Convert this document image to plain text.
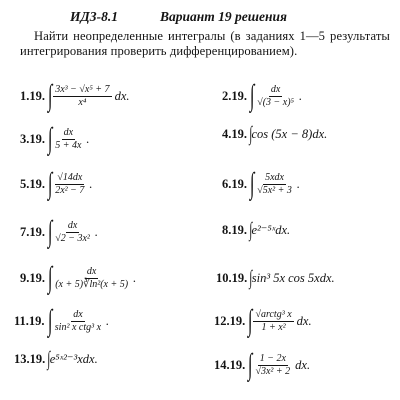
ИДЗ-8.1	Вариант 19 решения
Найти неопределенные интегралы (в заданиях 1—5 результаты интегрирования проверить дифференцированием).
1.19. ∫ $\frac{\text{3x³ − √x⁵ + 7}}{\text{x⁴}}$ dx.	2.19. ∫ $\frac{dx}{\text{√(3 − x)⁵}}$ .
3.19. ∫ $\frac{dx}{5 + 4x}$ .	4.19. ∫ cos (5x − 8)dx.
5.19. ∫ $\frac{√14dx}{\text{2x² − 7}}$ .	6.19. ∫ $\frac{\text{5xdx}}{\text{√5x² + 3}}$ .
7.19. ∫ $\frac{dx}{\text{√2 − 3x²}}$ .	8.19. ∫ e²⁻⁵ˣdx.
9.19. ∫ $\frac{dx}{\text{(x + 5)∛ln²(x + 5)}}$ .	10.19. ∫ sin³ 5x cos 5xdx.
11.19. ∫ $\frac{dx}{\text{sin² x ctg³ x}}$ .	12.19. ∫ $\frac{\text{√arctg³ x}}{\text{1 + x²}}$ dx.
13.19. ∫ e⁵ˣ²⁻³xdx.	14.19. ∫ $\frac{1 - 2x}{\text{√3x² + 2}}$ dx.
